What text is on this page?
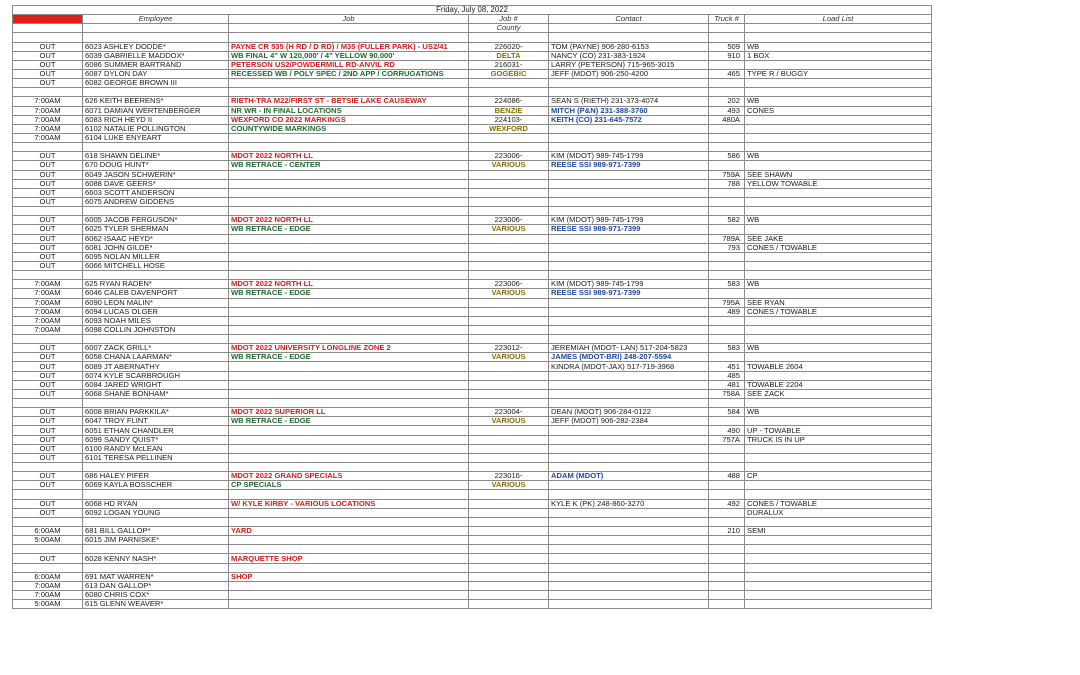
Friday, July 08, 2022						
TIME	Employee	Job	Job #	Contact	Truck #	Load List
			County			

OUT	6023 ASHLEY DODDE*	PAYNE CR 535 (H RD / D RD) / M35 (FULLER PARK) - US2/41	226020-	TOM (PAYNE) 906-280-6153	509	WB
OUT	6039 GABRIELLE MADDOX*	WB FINAL 4" W 120,000' / 4" YELLOW 90,000'	DELTA	NANCY (CO) 231-383-1924	910	1 BOX
OUT	6086 SUMMER BARTRAND	PETERSON US2/POWDERMILL RD-ANVIL RD	216031-	LARRY (PETERSON) 715-965-3015		
OUT	6087 DYLON DAY	RECESSED WB / POLY SPEC / 2ND APP / CORRUGATIONS	GOGEBIC	JEFF (MDOT) 906-250-4200	465	TYPE R / BUGGY
OUT	6082 GEORGE BROWN III					

7:00AM	626 KEITH BEERENS*	RIETH-TRA M22/FIRST ST - BETSIE LAKE CAUSEWAY	224086-	SEAN S (RIETH) 231-373-4074	202	WB
7:00AM	6071 DAMIAN WERTENBERGER	NR WR - IN FINAL LOCATIONS	BENZIE	MITCH (P&N) 231-388-3760	493	CONES
7:00AM	6083 RICH HEYD II	WEXFORD CO 2022 MARKINGS	224103-	KEITH (CO) 231-645-7572	480A	
7:00AM	6102 NATALIE POLLINGTON	COUNTYWIDE MARKINGS	WEXFORD			
7:00AM	6104 LUKE ENYEART					

OUT	618 SHAWN DELINE*	MDOT 2022 NORTH LL	223006-	KIM (MDOT) 989-745-1799	586	WB
OUT	670 DOUG HUNT*	WB RETRACE - CENTER	VARIOUS	REESE SSI 989-971-7399		
OUT	6049 JASON SCHWERIN*				759A	SEE SHAWN
OUT	6088 DAVE GEERS*				788	YELLOW TOWABLE
OUT	6603 SCOTT ANDERSON					
OUT	6075 ANDREW GIDDENS					

OUT	6005 JACOB FERGUSON*	MDOT 2022 NORTH LL	223006-	KIM (MDOT) 989-745-1799	582	WB
OUT	6025 TYLER SHERMAN	WB RETRACE - EDGE	VARIOUS	REESE SSI 989-971-7399		
OUT	6062 ISAAC HEYD*				789A	SEE JAKE
OUT	6081 JOHN GILDE*				793	CONES / TOWABLE
OUT	6095 NOLAN MILLER					
OUT	6066 MITCHELL HOSE					

7:00AM	625 RYAN RADEN*	MDOT 2022 NORTH LL	223006-	KIM (MDOT) 989-745-1799	583	WB
7:00AM	6046 CALEB DAVENPORT	WB RETRACE - EDGE	VARIOUS	REESE SSI 989-971-7399		
7:00AM	6090 LEON MALIN*				795A	SEE RYAN
7:00AM	6094 LUCAS OLGER				489	CONES / TOWABLE
7:00AM	6093 NOAH MILES					
7:00AM	6098 COLLIN JOHNSTON					

OUT	6007 ZACK GRILL*	MDOT 2022 UNIVERSITY LONGLINE ZONE 2	223012-	JEREMIAH (MDOT- LAN) 517-204-5823	583	WB
OUT	6058 CHANA LAARMAN*	WB RETRACE - EDGE	VARIOUS	JAMES (MDOT-BRI) 248-207-5594		
OUT	6089 JT ABERNATHY			KINDRA (MDOT-JAX) 517-719-3968	451	TOWABLE 2604
OUT	6074 KYLE SCARBROUGH				485	
OUT	6084 JARED WRIGHT				481	TOWABLE 2204
OUT	6068 SHANE BONHAM*				758A	SEE ZACK

OUT	6008 BRIAN PARKKILA*	MDOT 2022 SUPERIOR LL	223004-	DEAN (MDOT) 906-284-0122	584	WB
OUT	6047 TROY FLINT	WB RETRACE - EDGE	VARIOUS	JEFF (MDOT) 906-282-2384		
OUT	6051 ETHAN CHANDLER				490	UP - TOWABLE
OUT	6099 SANDY QUIST*				757A	TRUCK IS IN UP
OUT	6100 RANDY McLEAN					
OUT	6101 TERESA PELLINEN					

OUT	686 HALEY PIFER	MDOT 2022 GRAND SPECIALS	223016-	ADAM (MDOT)	488	CP
OUT	6069 KAYLA BOSSCHER	CP SPECIALS	VARIOUS			

OUT	6068 HD RYAN	W/ KYLE KIRBY - VARIOUS LOCATIONS		KYLE K (PK) 248-860-3270	492	CONES / TOWABLE
OUT	6092 LOGAN YOUNG					DURALUX

6:00AM	681 BILL GALLOP*	YARD			210	SEMI
5:00AM	6015 JIM PARNISKE*					

OUT	6028 KENNY NASH*	MARQUETTE SHOP				

6:00AM	691 MAT WARREN*	SHOP				
7:00AM	613 DAN GALLOP*					
7:00AM	6080 CHRIS COX*					
5:00AM	615 GLENN WEAVER*					
